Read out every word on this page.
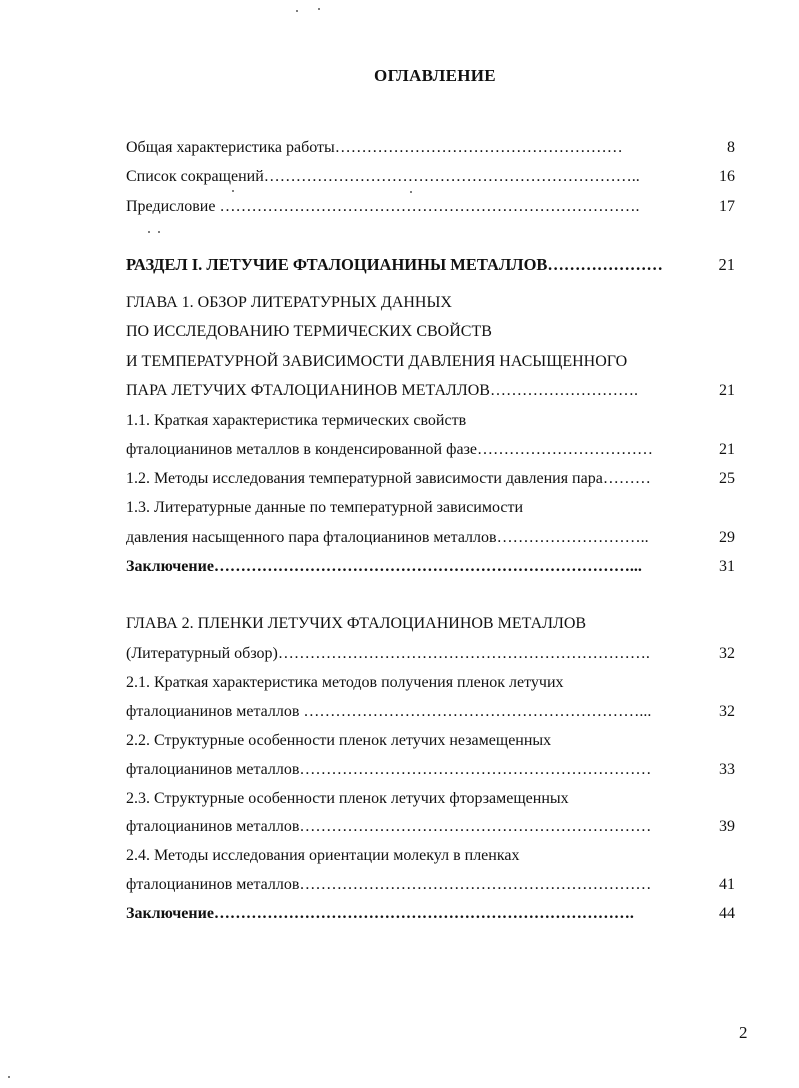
ОГЛАВЛЕНИЕ
Общая характеристика работы………………………………………………	8
Список сокращений……………………………………………………………..	16
Предисловие …………………………………………………………………….	17
РАЗДЕЛ I. ЛЕТУЧИЕ ФТАЛОЦИАНИНЫ МЕТАЛЛОВ…………………	21
ГЛАВА 1. ОБЗОР ЛИТЕРАТУРНЫХ ДАННЫХ
ПО ИССЛЕДОВАНИЮ ТЕРМИЧЕСКИХ СВОЙСТВ
И ТЕМПЕРАТУРНОЙ ЗАВИСИМОСТИ ДАВЛЕНИЯ НАСЫЩЕННОГО
ПАРА ЛЕТУЧИХ ФТАЛОЦИАНИНОВ МЕТАЛЛОВ……………………….	21
1.1. Краткая характеристика термических свойств
фталоцианинов металлов в конденсированной фазе……………………………	21
1.2. Методы исследования температурной зависимости давления пара………	25
1.3. Литературные данные по температурной зависимости
давления насыщенного пара фталоцианинов металлов………………………..	29
Заключение……………………………………………………………………...	31
ГЛАВА 2. ПЛЕНКИ ЛЕТУЧИХ ФТАЛОЦИАНИНОВ МЕТАЛЛОВ
(Литературный обзор)…………………………………………………………….	32
2.1. Краткая характеристика методов получения пленок летучих
фталоцианинов металлов ………………………………………………………...	32
2.2. Структурные особенности пленок летучих незамещенных
фталоцианинов металлов…………………………………………………………	33
2.3. Структурные особенности пленок летучих фторзамещенных
фталоцианинов металлов…………………………………………………………	39
2.4. Методы исследования ориентации молекул в пленках
фталоцианинов металлов…………………………………………………………	41
Заключение…………………………………………………………………….	44
2
